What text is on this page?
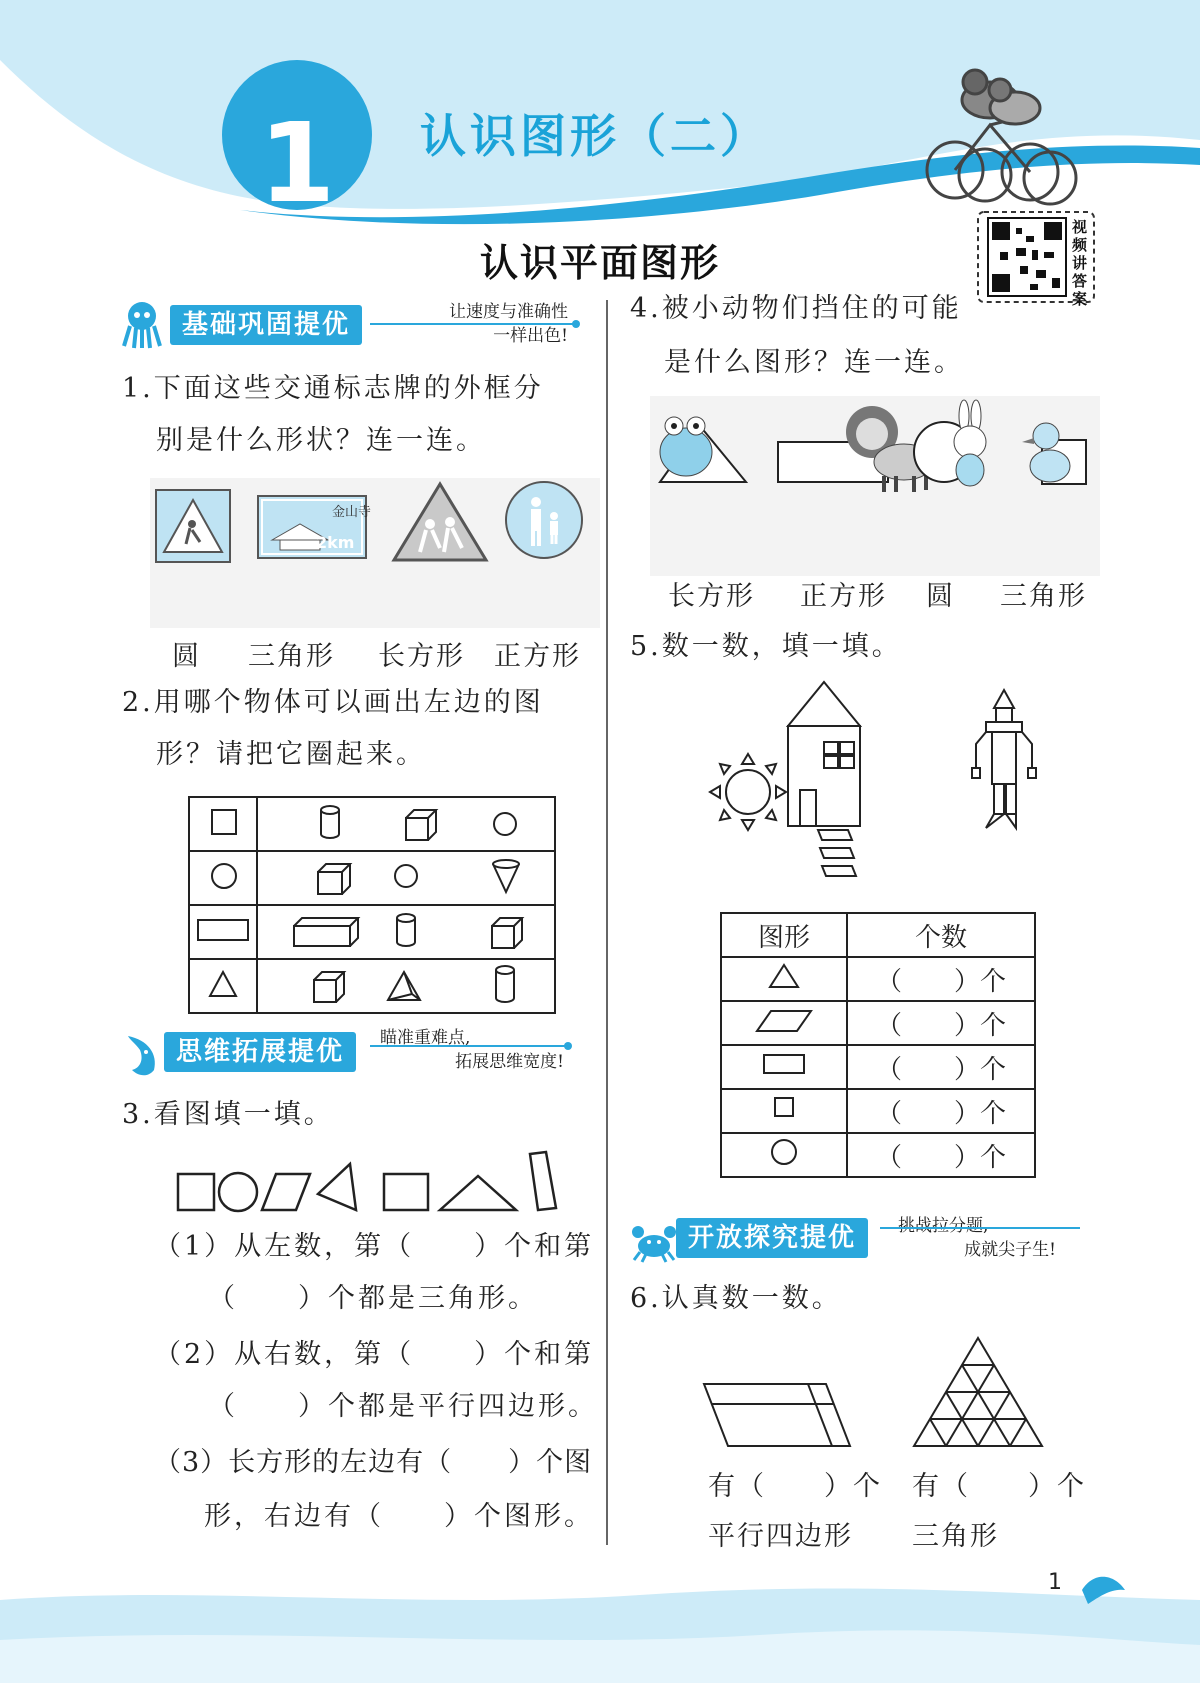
1	认识图形（二）
认识平面图形
视频讲答案
基础巩固提优	让速度与准确性
一样出色!
1.下面这些交通标志牌的外框分
别是什么形状？连一连。
金山寺
2km
圆 三角形 长方形 正方形
2.用哪个物体可以画出左边的图
形？请把它圈起来。

思维拓展提优	瞄准重难点,
拓展思维宽度!
3.看图填一填。
（1）从左数，第（　　）个和第
（　　）个都是三角形。
（2）从右数，第（　　）个和第
（　　）个都是平行四边形。
（3）长方形的左边有（　　）个图
形，右边有（　　）个图形。
4.被小动物们挡住的可能
是什么图形？连一连。
长方形 正方形 圆 三角形
5.数一数，填一填。
图形	个数
	（　　）个
	（　　）个
	（　　）个
	（　　）个
	（　　）个
开放探究提优	挑战拉分题,
成就尖子生!
6.认真数一数。
有（　　）个
平行四边形
有（　　）个
三角形
1
